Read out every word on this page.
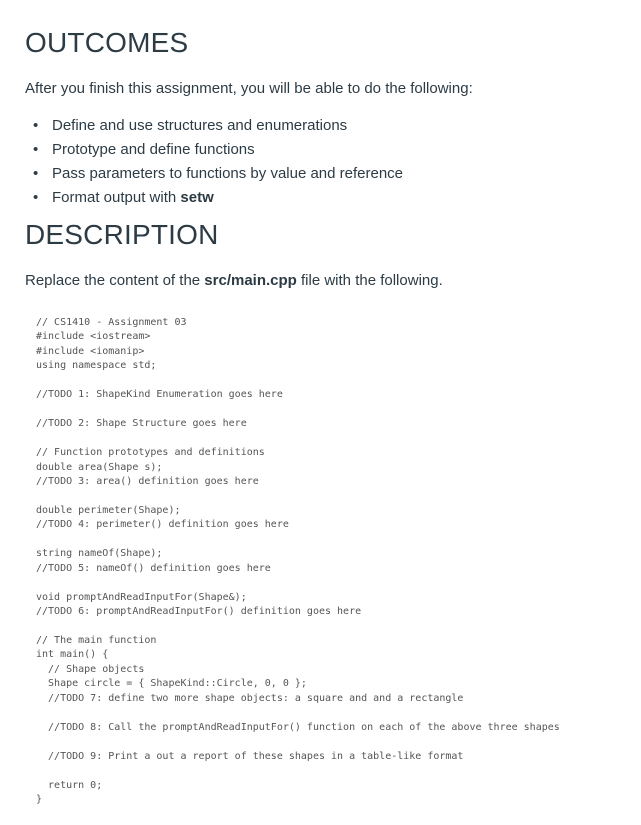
OUTCOMES

After you finish this assignment, you will be able to do the following:

• Define and use structures and enumerations
• Prototype and define functions
• Pass parameters to functions by value and reference
• Format output with setw
DESCRIPTION

Replace the content of the src/main.cpp file with the following.

// CS1410 - Assignment 03
#include <iostream>
#include <iomanip>
using namespace std;

//TODO 1: ShapeKind Enumeration goes here

//TODO 2: Shape Structure goes here

// Function prototypes and definitions
double area(Shape s);
//TODO 3: area() definition goes here

double perimeter(Shape);
//TODO 4: perimeter() definition goes here

string nameOf(Shape);
//TODO 5: nameOf() definition goes here

void promptAndReadInputFor(Shape&);
//TODO 6: promptAndReadInputFor() definition goes here

// The main function
int main() {
// Shape objects
Shape circle = { ShapeKind::Circle, 0, 0 };
//TODO 7: define two more shape objects: a square and and a rectangle

//TODO 8: Call the promptAndReadInputFor() function on each of the above three shapes

//TODO 9: Print a out a report of these shapes in a table-like format

return 0;
}
